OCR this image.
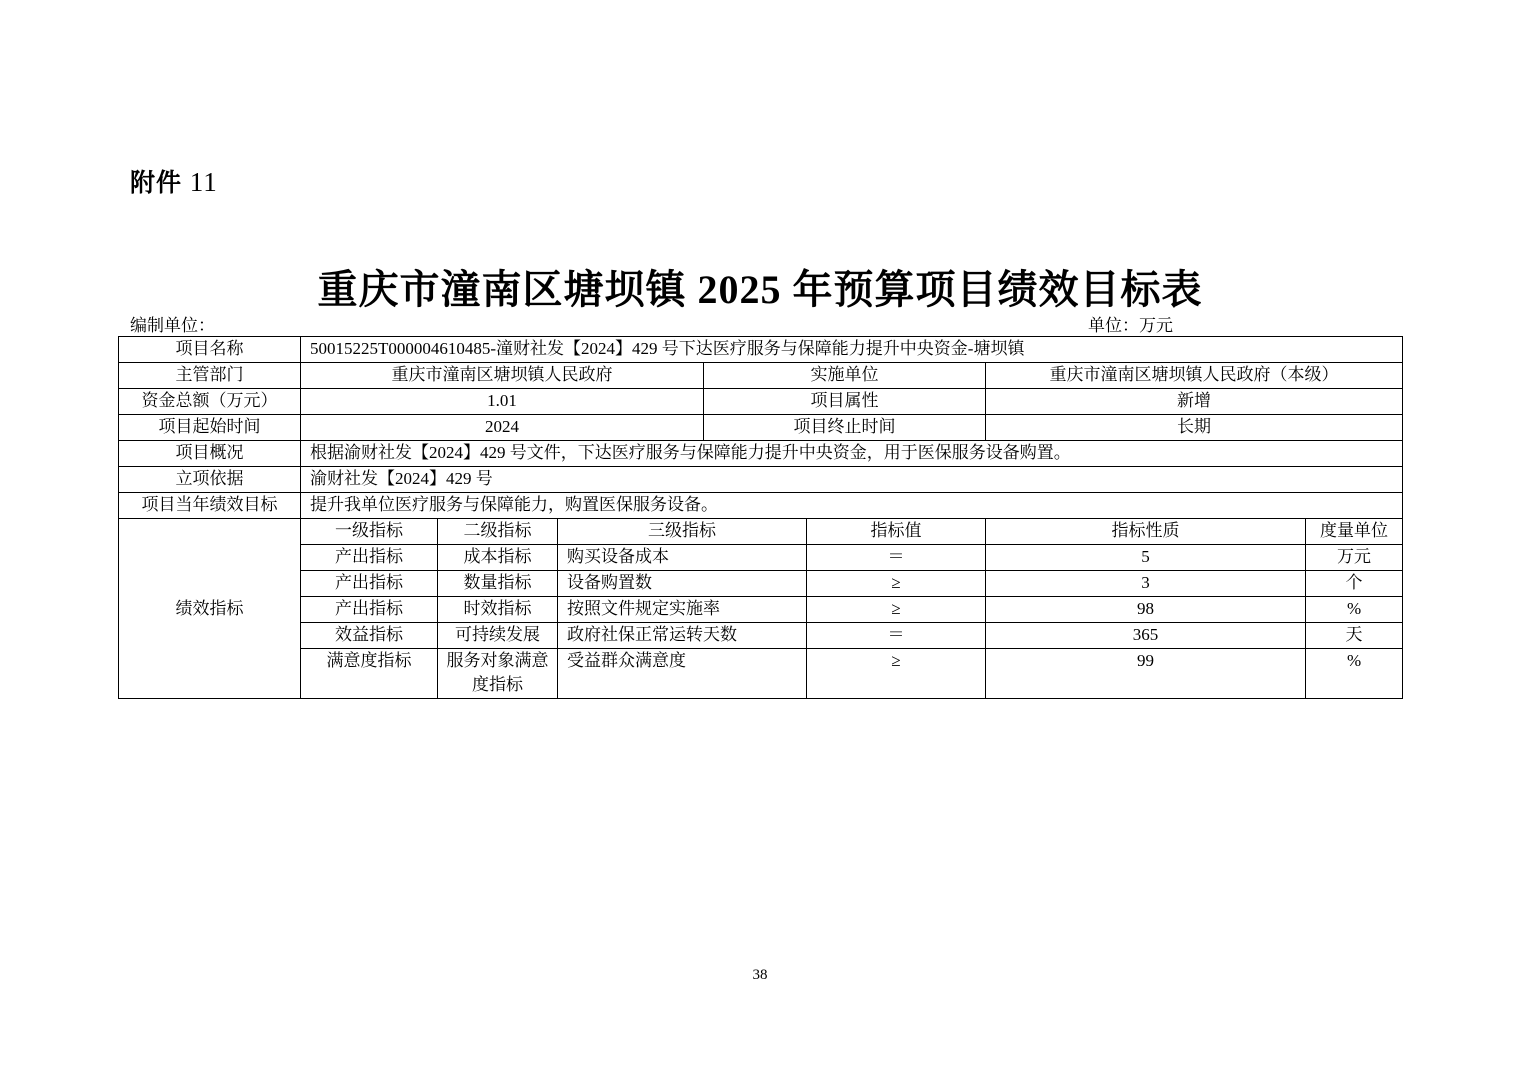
附件 11
重庆市潼南区塘坝镇 2025 年预算项目绩效目标表
编制单位：	单位：万元
项目名称	50015225T000004610485-潼财社发【2024】429 号下达医疗服务与保障能力提升中央资金-塘坝镇						
主管部门	重庆市潼南区塘坝镇人民政府			实施单位		重庆市潼南区塘坝镇人民政府（本级）	
资金总额（万元）	1.01			项目属性		新增	
项目起始时间	2024			项目终止时间		长期	
项目概况	根据渝财社发【2024】429 号文件，下达医疗服务与保障能力提升中央资金，用于医保服务设备购置。						
立项依据	渝财社发【2024】429 号						
项目当年绩效目标	提升我单位医疗服务与保障能力，购置医保服务设备。						
绩效指标	一级指标	二级指标	三级指标		指标值	指标性质	度量单位
	产出指标	成本指标	购买设备成本		＝	5	万元
	产出指标	数量指标	设备购置数		≥	3	个
	产出指标	时效指标	按照文件规定实施率		≥	98	%
	效益指标	可持续发展	政府社保正常运转天数		＝	365	天
	满意度指标	服务对象满意度指标	受益群众满意度		≥	99	%
38
